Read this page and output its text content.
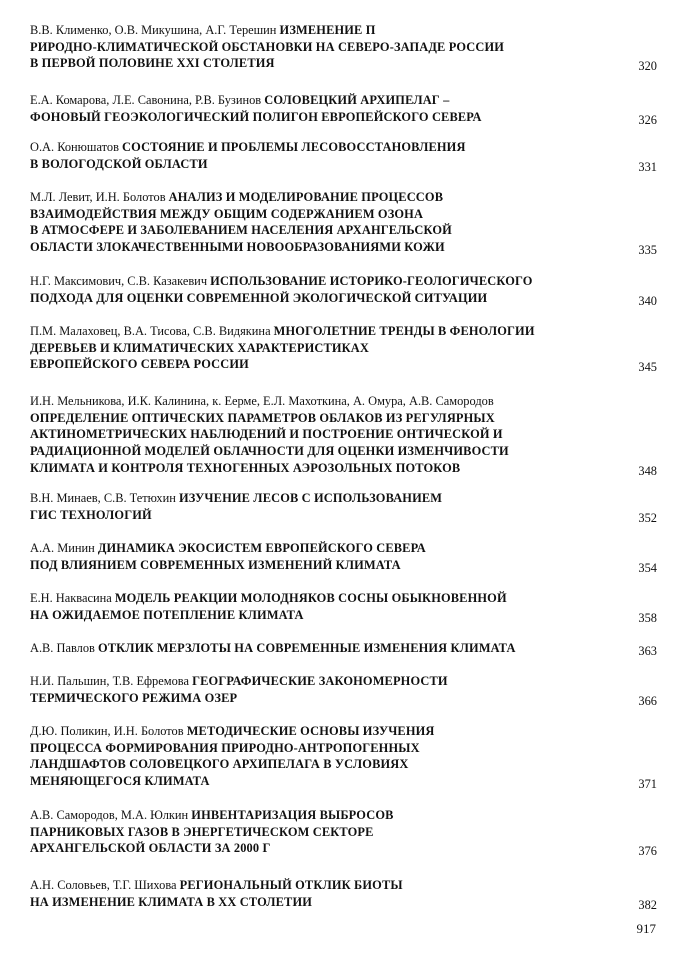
В.В. Клименко, О.В. Микушина, А.Г. Терешин ИЗМЕНЕНИЕ П
РИРОДНО-КЛИМАТИЧЕСКОЙ ОБСТАНОВКИ НА СЕВЕРО-ЗАПАДЕ РОССИИ
В ПЕРВОЙ ПОЛОВИНЕ XXI СТОЛЕТИЯ	320
Е.А. Комарова, Л.Е. Савонина, Р.В. Бузинов СОЛОВЕЦКИЙ АРХИПЕЛАГ –
ФОНОВЫЙ ГЕОЭКОЛОГИЧЕСКИЙ ПОЛИГОН ЕВРОПЕЙСКОГО СЕВЕРА	326
О.А. Конюшатов СОСТОЯНИЕ И ПРОБЛЕМЫ ЛЕСОВОССТАНОВЛЕНИЯ
В ВОЛОГОДСКОЙ ОБЛАСТИ	331
М.Л. Левит, И.Н. Болотов АНАЛИЗ И МОДЕЛИРОВАНИЕ ПРОЦЕССОВ
ВЗАИМОДЕЙСТВИЯ МЕЖДУ ОБЩИМ СОДЕРЖАНИЕМ ОЗОНА
В АТМОСФЕРЕ И ЗАБОЛЕВАНИЕМ НАСЕЛЕНИЯ АРХАНГЕЛЬСКОЙ
ОБЛАСТИ ЗЛОКАЧЕСТВЕННЫМИ НОВООБРАЗОВАНИЯМИ КОЖИ	335
Н.Г. Максимович, С.В. Казакевич ИСПОЛЬЗОВАНИЕ ИСТОРИКО-ГЕОЛОГИЧЕСКОГО
ПОДХОДА ДЛЯ ОЦЕНКИ СОВРЕМЕННОЙ ЭКОЛОГИЧЕСКОЙ СИТУАЦИИ	340
П.М. Малаховец, В.А. Тисова, С.В. Видякина МНОГОЛЕТНИЕ ТРЕНДЫ В ФЕНОЛОГИИ
ДЕРЕВЬЕВ И КЛИМАТИЧЕСКИХ ХАРАКТЕРИСТИКАХ
ЕВРОПЕЙСКОГО СЕВЕРА РОССИИ	345
И.Н. Мельникова, И.К. Калинина, к. Еерме, Е.Л. Махоткина, А. Омура, А.В. Самородов
ОПРЕДЕЛЕНИЕ ОПТИЧЕСКИХ ПАРАМЕТРОВ ОБЛАКОВ ИЗ РЕГУЛЯРНЫХ
АКТИНОМЕТРИЧЕСКИХ НАБЛЮДЕНИЙ И ПОСТРОЕНИЕ ОНТИЧЕСКОЙ И
РАДИАЦИОННОЙ МОДЕЛЕЙ ОБЛАЧНОСТИ ДЛЯ ОЦЕНКИ ИЗМЕНЧИВОСТИ
КЛИМАТА И КОНТРОЛЯ ТЕХНОГЕННЫХ АЭРОЗОЛЬНЫХ ПОТОКОВ	348
В.Н. Минаев, С.В. Тетюхин ИЗУЧЕНИЕ ЛЕСОВ С ИСПОЛЬЗОВАНИЕМ
ГИС ТЕХНОЛОГИЙ	352
А.А. Минин ДИНАМИКА ЭКОСИСТЕМ ЕВРОПЕЙСКОГО СЕВЕРА
ПОД ВЛИЯНИЕМ СОВРЕМЕННЫХ ИЗМЕНЕНИЙ КЛИМАТА	354
Е.Н. Наквасина МОДЕЛЬ РЕАКЦИИ МОЛОДНЯКОВ СОСНЫ ОБЫКНОВЕННОЙ
НА ОЖИДАЕМОЕ ПОТЕПЛЕНИЕ КЛИМАТА	358
А.В. Павлов ОТКЛИК МЕРЗЛОТЫ НА СОВРЕМЕННЫЕ ИЗМЕНЕНИЯ КЛИМАТА	363
Н.И. Пальшин, Т.В. Ефремова ГЕОГРАФИЧЕСКИЕ ЗАКОНОМЕРНОСТИ
ТЕРМИЧЕСКОГО РЕЖИМА ОЗЕР	366
Д.Ю. Поликин, И.Н. Болотов МЕТОДИЧЕСКИЕ ОСНОВЫ ИЗУЧЕНИЯ
ПРОЦЕССА ФОРМИРОВАНИЯ ПРИРОДНО-АНТРОПОГЕННЫХ
ЛАНДШАФТОВ СОЛОВЕЦКОГО АРХИПЕЛАГА В УСЛОВИЯХ
МЕНЯЮЩЕГОСЯ КЛИМАТА	371
А.В. Самородов, М.А. Юлкин ИНВЕНТАРИЗАЦИЯ ВЫБРОСОВ
ПАРНИКОВЫХ ГАЗОВ В ЭНЕРГЕТИЧЕСКОМ СЕКТОРЕ
АРХАНГЕЛЬСКОЙ ОБЛАСТИ ЗА 2000 Г	376
А.Н. Соловьев, Т.Г. Шихова РЕГИОНАЛЬНЫЙ ОТКЛИК БИОТЫ
НА ИЗМЕНЕНИЕ КЛИМАТА В XX СТОЛЕТИИ	382
917
